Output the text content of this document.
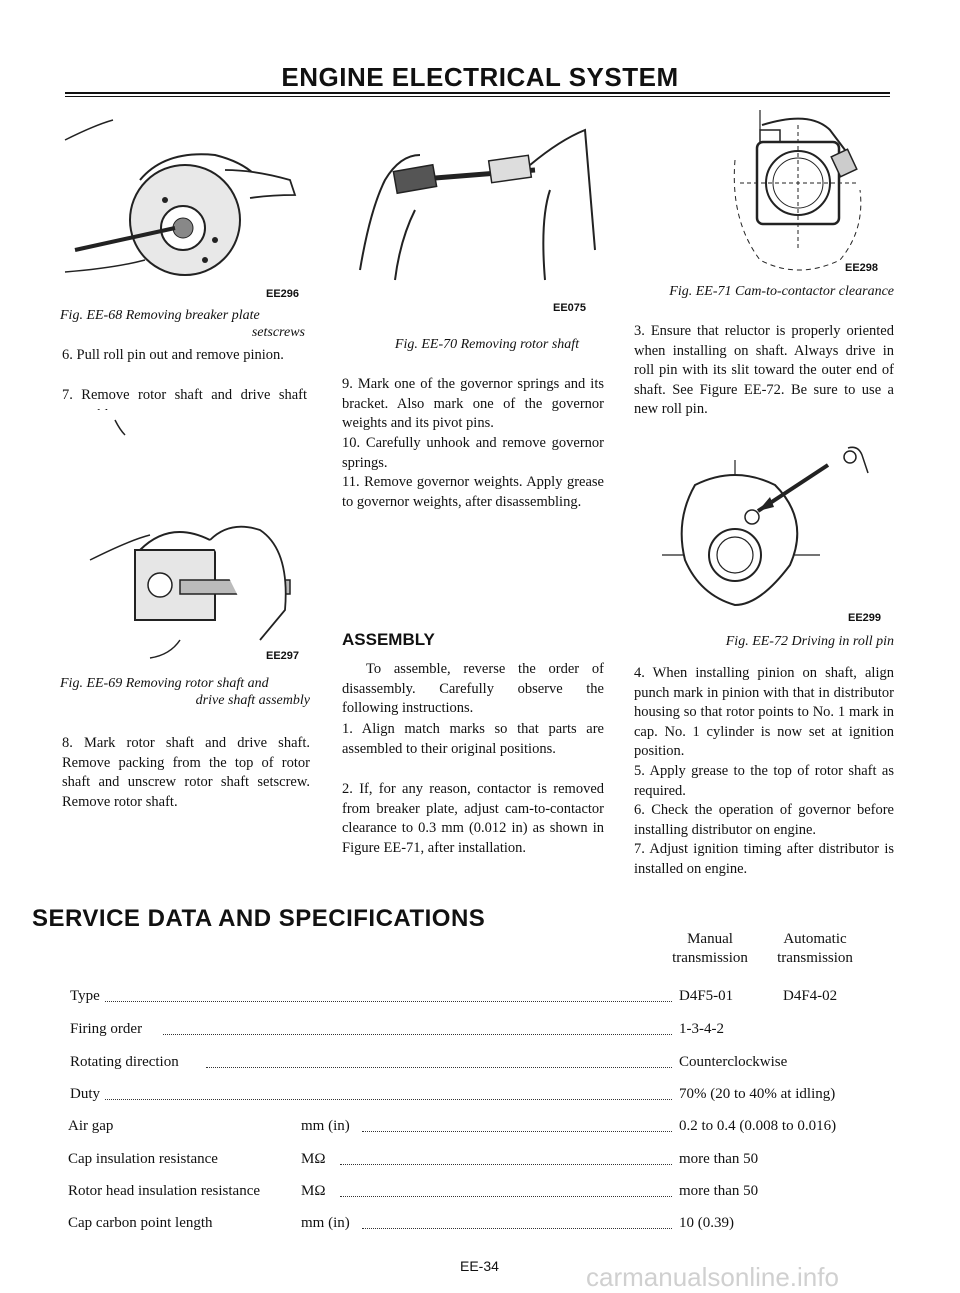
ENGINE ELECTRICAL SYSTEM
EE296
Fig. EE-68 Removing breaker plate
setscrews

6. Pull roll pin out and remove pinion.

7. Remove rotor shaft and drive shaft assembly.

EE297
Fig. EE-69 Removing rotor shaft and
drive shaft assembly

8. Mark rotor shaft and drive shaft. Remove packing from the top of rotor shaft and unscrew rotor shaft setscrew. Remove rotor shaft.

EE075
Fig. EE-70 Removing rotor shaft

9. Mark one of the governor springs and its bracket. Also mark one of the governor weights and its pivot pins.

10. Carefully unhook and remove governor springs.

11. Remove governor weights. Apply grease to governor weights, after disassembling.

ASSEMBLY

To assemble, reverse the order of disassembly. Carefully observe the following instructions.

1. Align match marks so that parts are assembled to their original positions.

2. If, for any reason, contactor is removed from breaker plate, adjust cam-to-contactor clearance to 0.3 mm (0.012 in) as shown in Figure EE-71, after installation.

0.3 mm (0.012 in)
EE298
Fig. EE-71 Cam-to-contactor clearance

3. Ensure that reluctor is properly oriented when installing on shaft. Always drive in roll pin with its slit toward the outer end of shaft. See Figure EE-72. Be sure to use a new roll pin.

EE299
Fig. EE-72 Driving in roll pin

4. When installing pinion on shaft, align punch mark in pinion with that in distributor housing so that rotor points to No. 1 mark in cap. No. 1 cylinder is now set at ignition position.

5. Apply grease to the top of rotor shaft as required.

6. Check the operation of governor before installing distributor on engine.

7. Adjust ignition timing after distributor is installed on engine.

SERVICE DATA AND SPECIFICATIONS
Manual transmission
Automatic transmission
Type	D4F5-01	D4F4-02
Firing order	1-3-4-2
Rotating direction	Counterclockwise
Duty	70% (20 to 40% at idling)
Air gap	mm (in)	0.2 to 0.4 (0.008 to 0.016)
Cap insulation resistance	MΩ	more than 50
Rotor head insulation resistance	MΩ	more than 50
Cap carbon point length	mm (in)	10 (0.39)
EE-34	carmanualsonline.info
